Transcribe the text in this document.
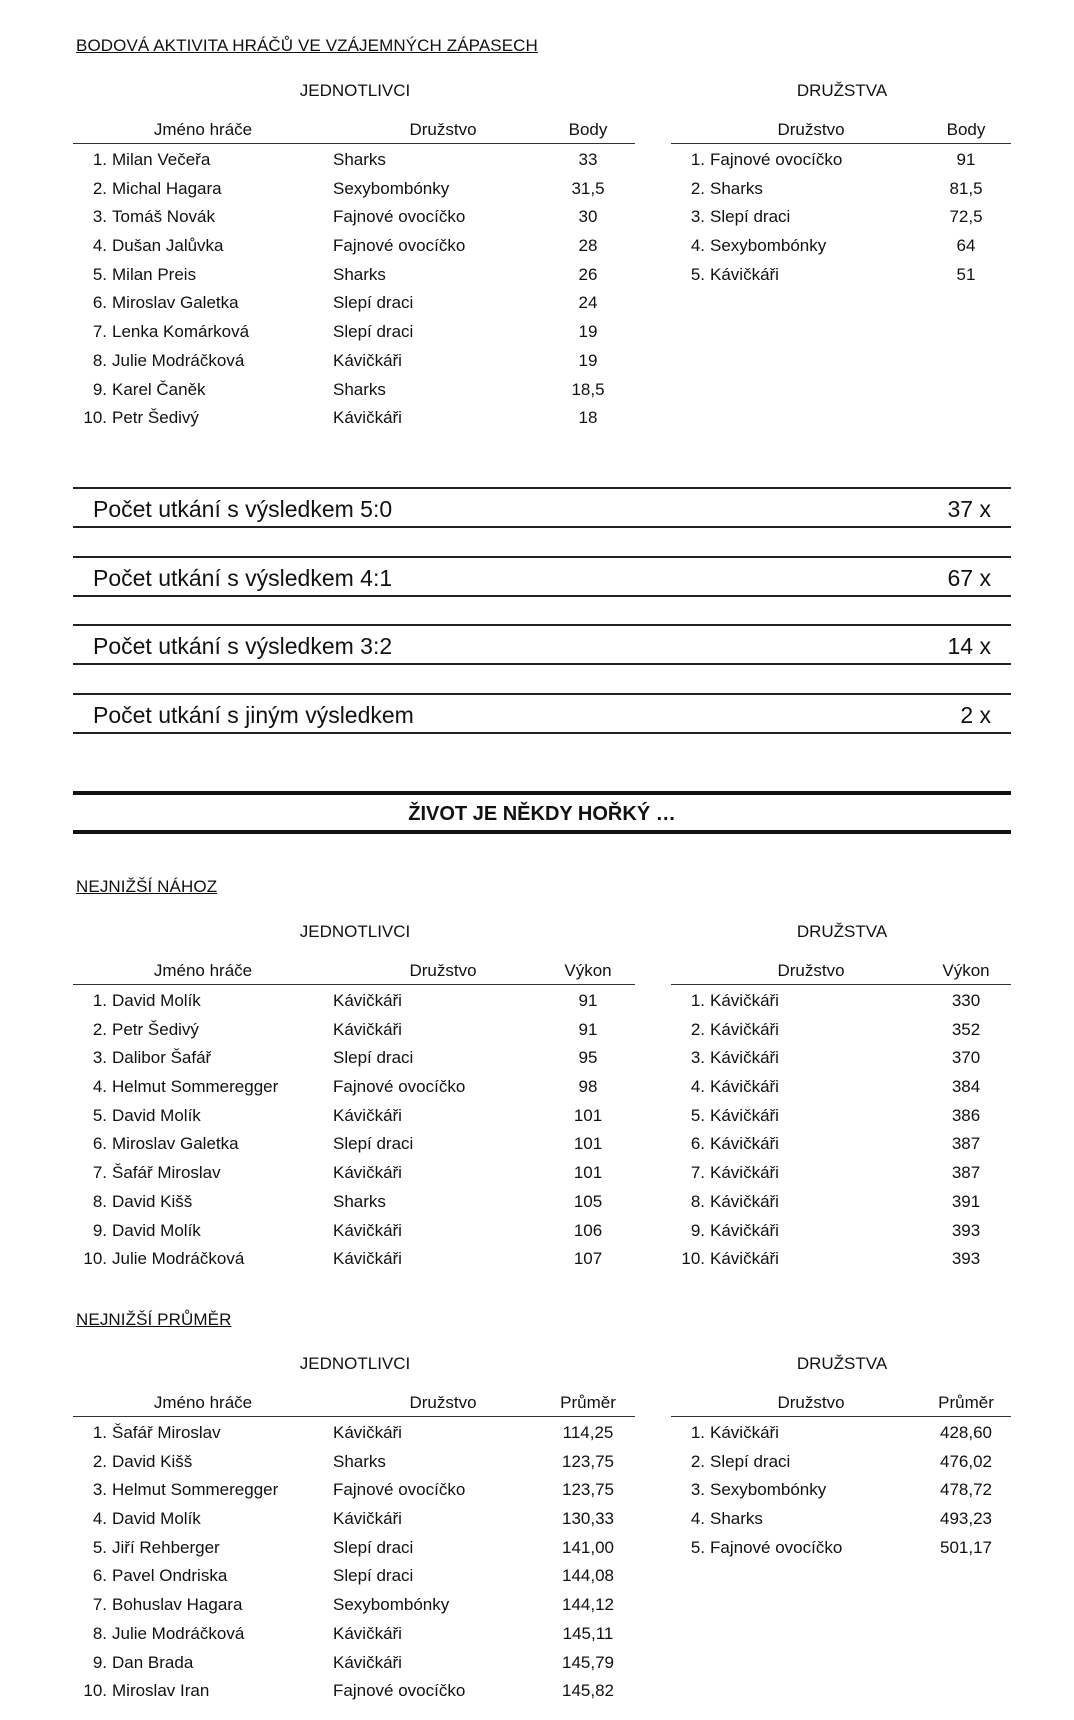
BODOVÁ AKTIVITA HRÁČŮ VE VZÁJEMNÝCH ZÁPASECH
JEDNOTLIVCI	DRUŽSTVA
Jméno hráče	Družstvo	Body
1. Milan Večeřa	Sharks	33
2. Michal Hagara	Sexybombónky	31,5
3. Tomáš Novák	Fajnové ovocíčko	30
4. Dušan Jalůvka	Fajnové ovocíčko	28
5. Milan Preis	Sharks	26
6. Miroslav Galetka	Slepí draci	24
7. Lenka Komárková	Slepí draci	19
8. Julie Modráčková	Kávičkáři	19
9. Karel Čaněk	Sharks	18,5
10. Petr Šedivý	Kávičkáři	18
Družstvo	Body
1. Fajnové ovocíčko	91
2. Sharks	81,5
3. Slepí draci	72,5
4. Sexybombónky	64
5. Kávičkáři	51
Počet utkání s výsledkem 5:0	37 x
Počet utkání s výsledkem 4:1	67 x
Počet utkání s výsledkem 3:2	14 x
Počet utkání s jiným výsledkem	2 x
ŽIVOT JE NĚKDY HOŘKÝ …
NEJNIŽŠÍ NÁHOZ
JEDNOTLIVCI	DRUŽSTVA
Jméno hráče	Družstvo	Výkon
1. David Molík	Kávičkáři	91
2. Petr Šedivý	Kávičkáři	91
3. Dalibor Šafář	Slepí draci	95
4. Helmut Sommeregger	Fajnové ovocíčko	98
5. David Molík	Kávičkáři	101
6. Miroslav Galetka	Slepí draci	101
7. Šafář Miroslav	Kávičkáři	101
8. David Kišš	Sharks	105
9. David Molík	Kávičkáři	106
10. Julie Modráčková	Kávičkáři	107
Družstvo	Výkon
1. Kávičkáři	330
2. Kávičkáři	352
3. Kávičkáři	370
4. Kávičkáři	384
5. Kávičkáři	386
6. Kávičkáři	387
7. Kávičkáři	387
8. Kávičkáři	391
9. Kávičkáři	393
10. Kávičkáři	393
NEJNIŽŠÍ PRŮMĚR
JEDNOTLIVCI	DRUŽSTVA
Jméno hráče	Družstvo	Průměr
1. Šafář Miroslav	Kávičkáři	114,25
2. David Kišš	Sharks	123,75
3. Helmut Sommeregger	Fajnové ovocíčko	123,75
4. David Molík	Kávičkáři	130,33
5. Jiří Rehberger	Slepí draci	141,00
6. Pavel Ondriska	Slepí draci	144,08
7. Bohuslav Hagara	Sexybombónky	144,12
8. Julie Modráčková	Kávičkáři	145,11
9. Dan Brada	Kávičkáři	145,79
10. Miroslav Iran	Fajnové ovocíčko	145,82
Družstvo	Průměr
1. Kávičkáři	428,60
2. Slepí draci	476,02
3. Sexybombónky	478,72
4. Sharks	493,23
5. Fajnové ovocíčko	501,17
